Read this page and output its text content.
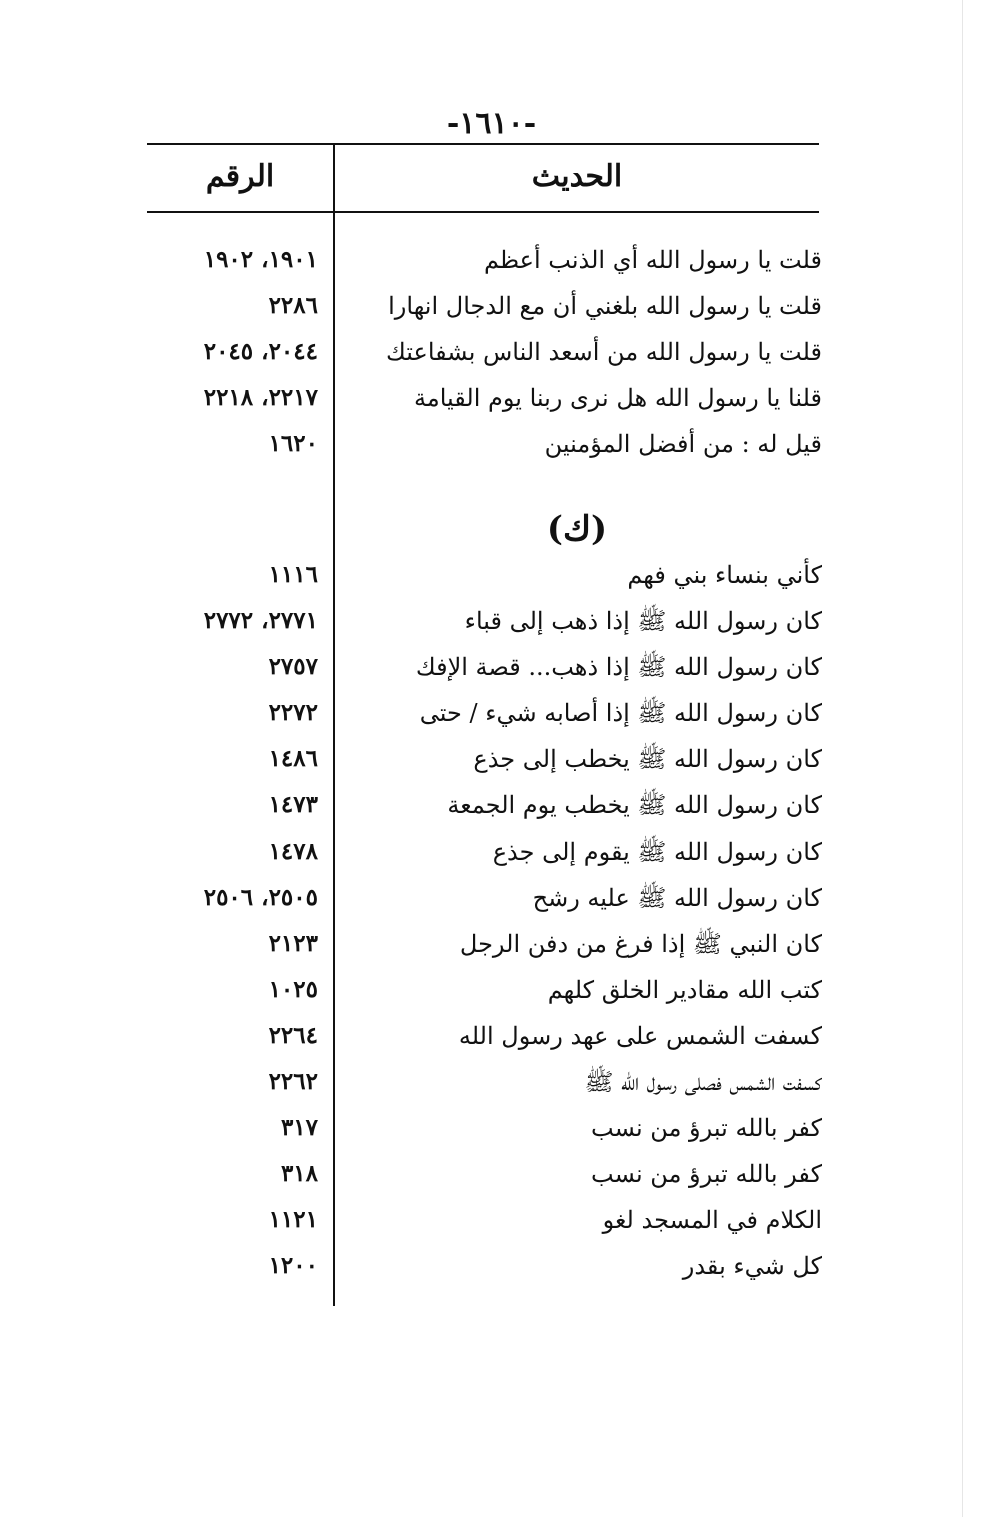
-١٦١٠-
الحديث
الرقم
قلت يا رسول الله أي الذنب أعظم
١٩٠١، ١٩٠٢
قلت يا رسول الله بلغني أن مع الدجال انهارا
٢٢٨٦
قلت يا رسول الله من أسعد الناس بشفاعتك
٢٠٤٤، ٢٠٤٥
قلنا يا رسول الله هل نرى ربنا يوم القيامة
٢٢١٧، ٢٢١٨
قيل له : من أفضل المؤمنين
١٦٢٠
(ك)
كأني بنساء بني فهم
١١١٦
كان رسول الله ﷺ إذا ذهب إلى قباء
٢٧٧١، ٢٧٧٢
كان رسول الله ﷺ إذا ذهب... قصة الإفك
٢٧٥٧
كان رسول الله ﷺ إذا أصابه شيء / حتى
٢٢٧٢
كان رسول الله ﷺ يخطب إلى جذع
١٤٨٦
كان رسول الله ﷺ يخطب يوم الجمعة
١٤٧٣
كان رسول الله ﷺ يقوم إلى جذع
١٤٧٨
كان رسول الله ﷺ عليه رشح
٢٥٠٥، ٢٥٠٦
كان النبي ﷺ إذا فرغ من دفن الرجل
٢١٢٣
كتب الله مقادير الخلق كلهم
١٠٢٥
كسفت الشمس على عهد رسول الله
٢٢٦٤
كسفت الشمس فصلى رسول الله ﷺ
٢٢٦٢
كفر بالله تبرؤ من نسب
٣١٧
كفر بالله تبرؤ من نسب
٣١٨
الكلام في المسجد لغو
١١٢١
كل شيء بقدر
١٢٠٠
